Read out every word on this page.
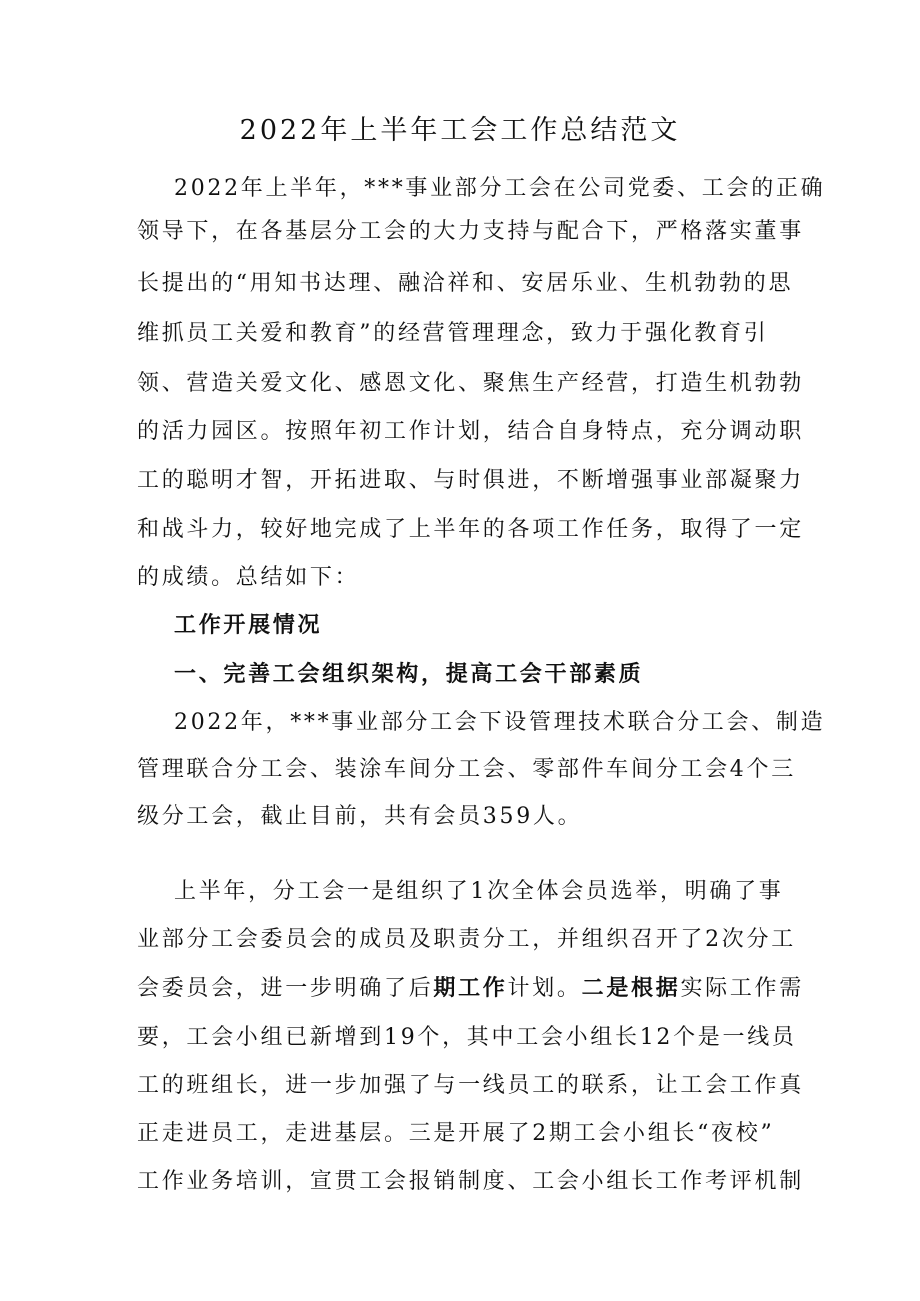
2022年上半年工会工作总结范文
2022年上半年，***事业部分工会在公司党委、工会的正确
领导下，在各基层分工会的大力支持与配合下，严格落实董事
长提出的“用知书达理、融洽祥和、安居乐业、生机勃勃的思
维抓员工关爱和教育”的经营管理理念，致力于强化教育引
领、营造关爱文化、感恩文化、聚焦生产经营，打造生机勃勃
的活力园区。按照年初工作计划，结合自身特点，充分调动职
工的聪明才智，开拓进取、与时俱进，不断增强事业部凝聚力
和战斗力，较好地完成了上半年的各项工作任务，取得了一定
的成绩。总结如下：
工作开展情况
一、完善工会组织架构，提高工会干部素质
2022年，***事业部分工会下设管理技术联合分工会、制造
管理联合分工会、装涂车间分工会、零部件车间分工会4个三
级分工会，截止目前，共有会员359人。
上半年，分工会一是组织了1次全体会员选举，明确了事
业部分工会委员会的成员及职责分工，并组织召开了2次分工
会委员会，进一步明确了后期工作计划。二是根据实际工作需
要，工会小组已新增到19个，其中工会小组长12个是一线员
工的班组长，进一步加强了与一线员工的联系，让工会工作真
正走进员工，走进基层。三是开展了2期工会小组长“夜校”
工作业务培训，宣贯工会报销制度、工会小组长工作考评机制
